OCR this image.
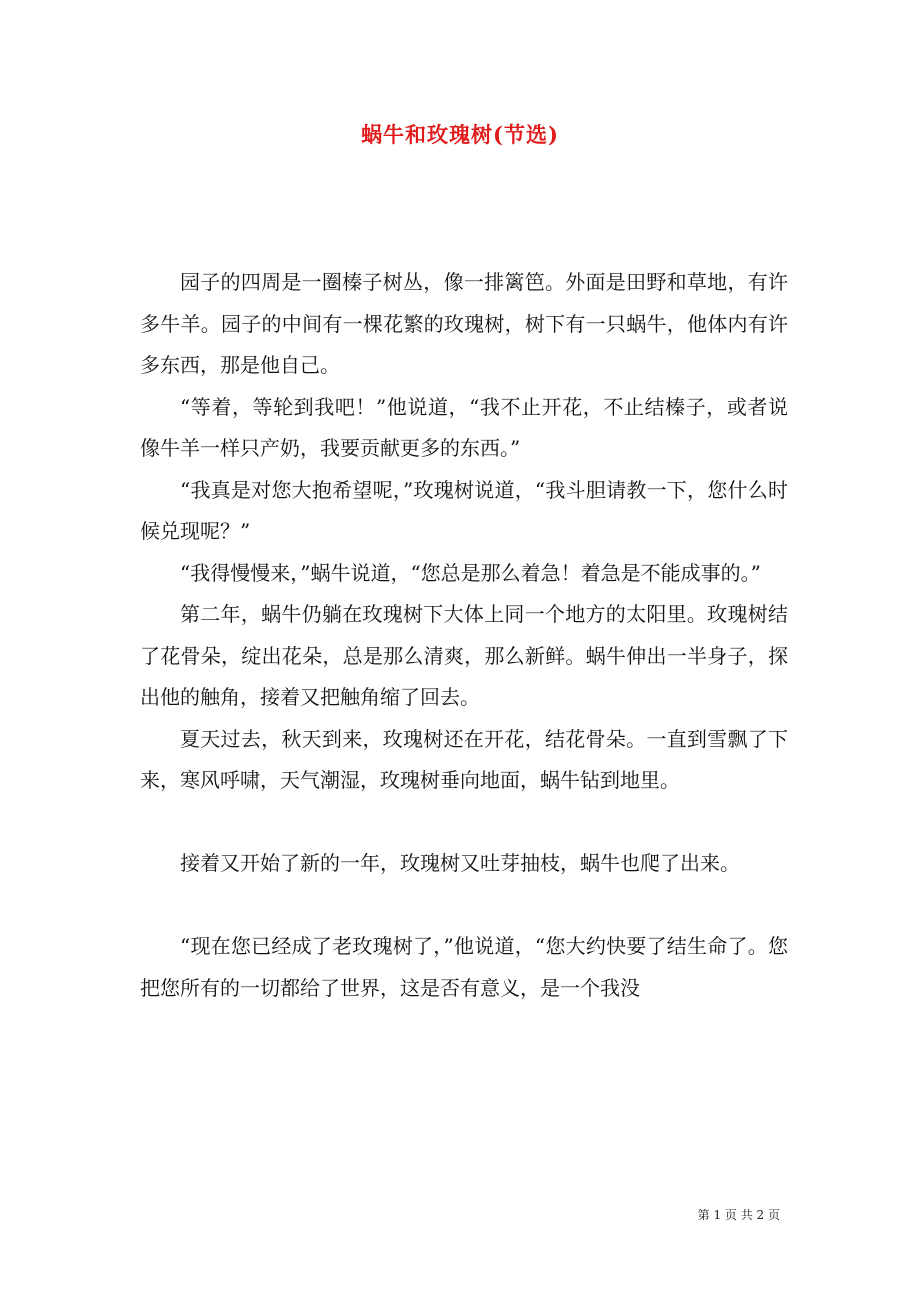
蜗牛和玫瑰树(节选)

园子的四周是一圈榛子树丛，像一排篱笆。外面是田野和草地，有许多牛羊。园子的中间有一棵花繁的玫瑰树，树下有一只蜗牛，他体内有许多东西，那是他自己。

“等着，等轮到我吧！”他说道，“我不止开花，不止结榛子，或者说像牛羊一样只产奶，我要贡献更多的东西。”

“我真是对您大抱希望呢，”玫瑰树说道，“我斗胆请教一下，您什么时候兑现呢？”

“我得慢慢来，”蜗牛说道，“您总是那么着急！着急是不能成事的。”

第二年，蜗牛仍躺在玫瑰树下大体上同一个地方的太阳里。玫瑰树结了花骨朵，绽出花朵，总是那么清爽，那么新鲜。蜗牛伸出一半身子，探出他的触角，接着又把触角缩了回去。

夏天过去，秋天到来，玫瑰树还在开花，结花骨朵。一直到雪飘了下来，寒风呼啸，天气潮湿，玫瑰树垂向地面，蜗牛钻到地里。

接着又开始了新的一年，玫瑰树又吐芽抽枝，蜗牛也爬了出来。

“现在您已经成了老玫瑰树了，”他说道，“您大约快要了结生命了。您把您所有的一切都给了世界，这是否有意义，是一个我没

第 1 页 共 2 页
